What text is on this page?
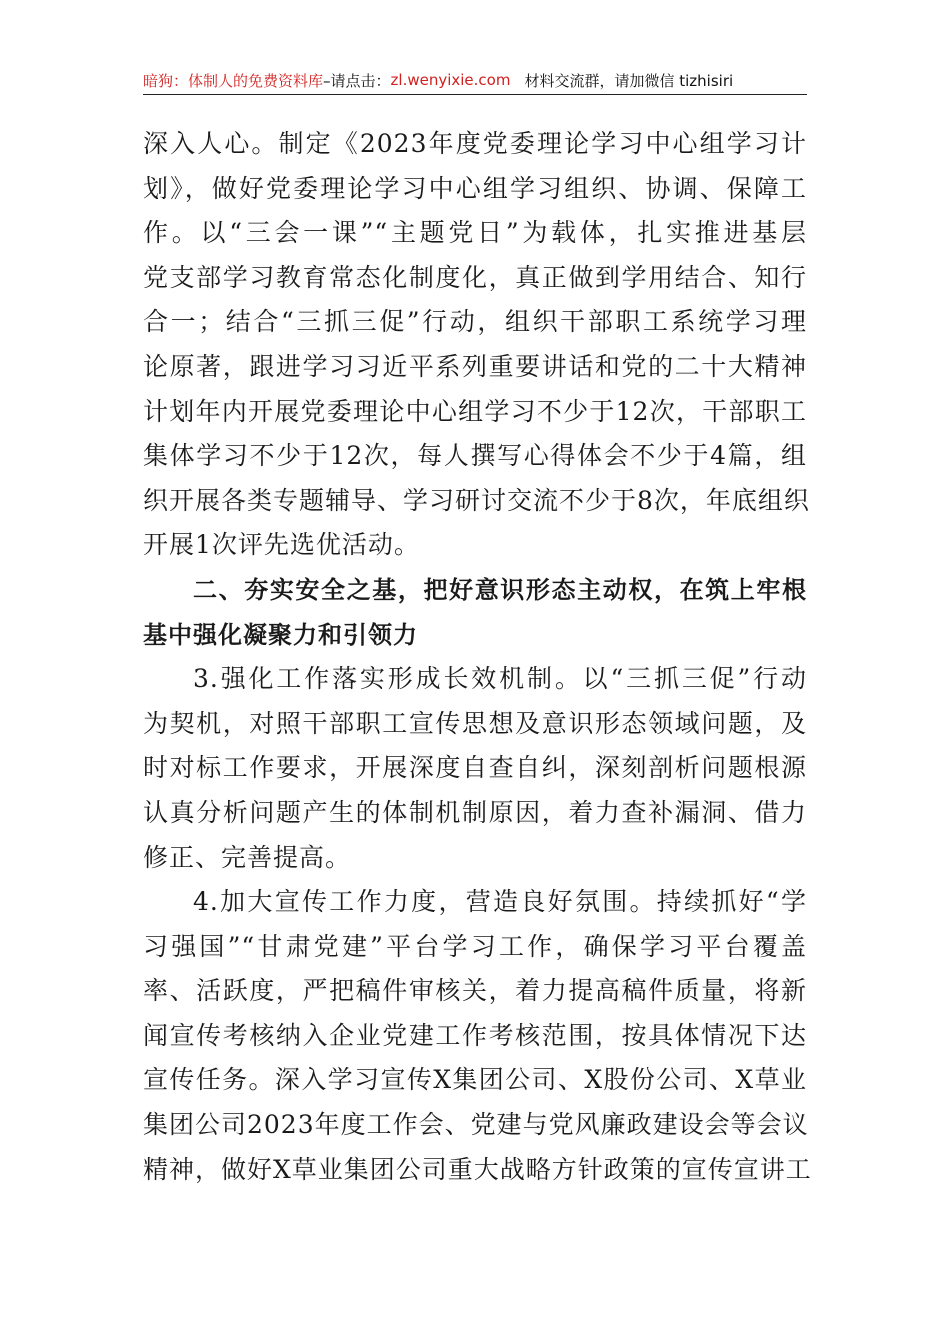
暗狗：体制人的免费资料库 –请点击： zl.wenyixie.com 材料交流群，请加微信 tizhisiri
深入人心。制定《2023年度党委理论学习中心组学习计
划》，做好党委理论学习中心组学习组织、协调、保障工
作。以“三会一课”“主题党日”为载体，扎实推进基层
党支部学习教育常态化制度化，真正做到学用结合、知行
合一；结合“三抓三促”行动，组织干部职工系统学习理
论原著，跟进学习习近平系列重要讲话和党的二十大精神
计划年内开展党委理论中心组学习不少于12次，干部职工
集体学习不少于12次，每人撰写心得体会不少于4篇，组
织开展各类专题辅导、学习研讨交流不少于8次，年底组织
开展1次评先选优活动。
二、夯实安全之基，把好意识形态主动权，在筑上牢根
基中强化凝聚力和引领力
3.强化工作落实形成长效机制。以“三抓三促”行动
为契机，对照干部职工宣传思想及意识形态领域问题，及
时对标工作要求，开展深度自查自纠，深刻剖析问题根源
认真分析问题产生的体制机制原因，着力查补漏洞、借力
修正、完善提高。
4.加大宣传工作力度，营造良好氛围。持续抓好“学
习强国”“甘肃党建”平台学习工作，确保学习平台覆盖
率、活跃度，严把稿件审核关，着力提高稿件质量，将新
闻宣传考核纳入企业党建工作考核范围，按具体情况下达
宣传任务。深入学习宣传X集团公司、X股份公司、X草业
集团公司2023年度工作会、党建与党风廉政建设会等会议
精神，做好X草业集团公司重大战略方针政策的宣传宣讲工
